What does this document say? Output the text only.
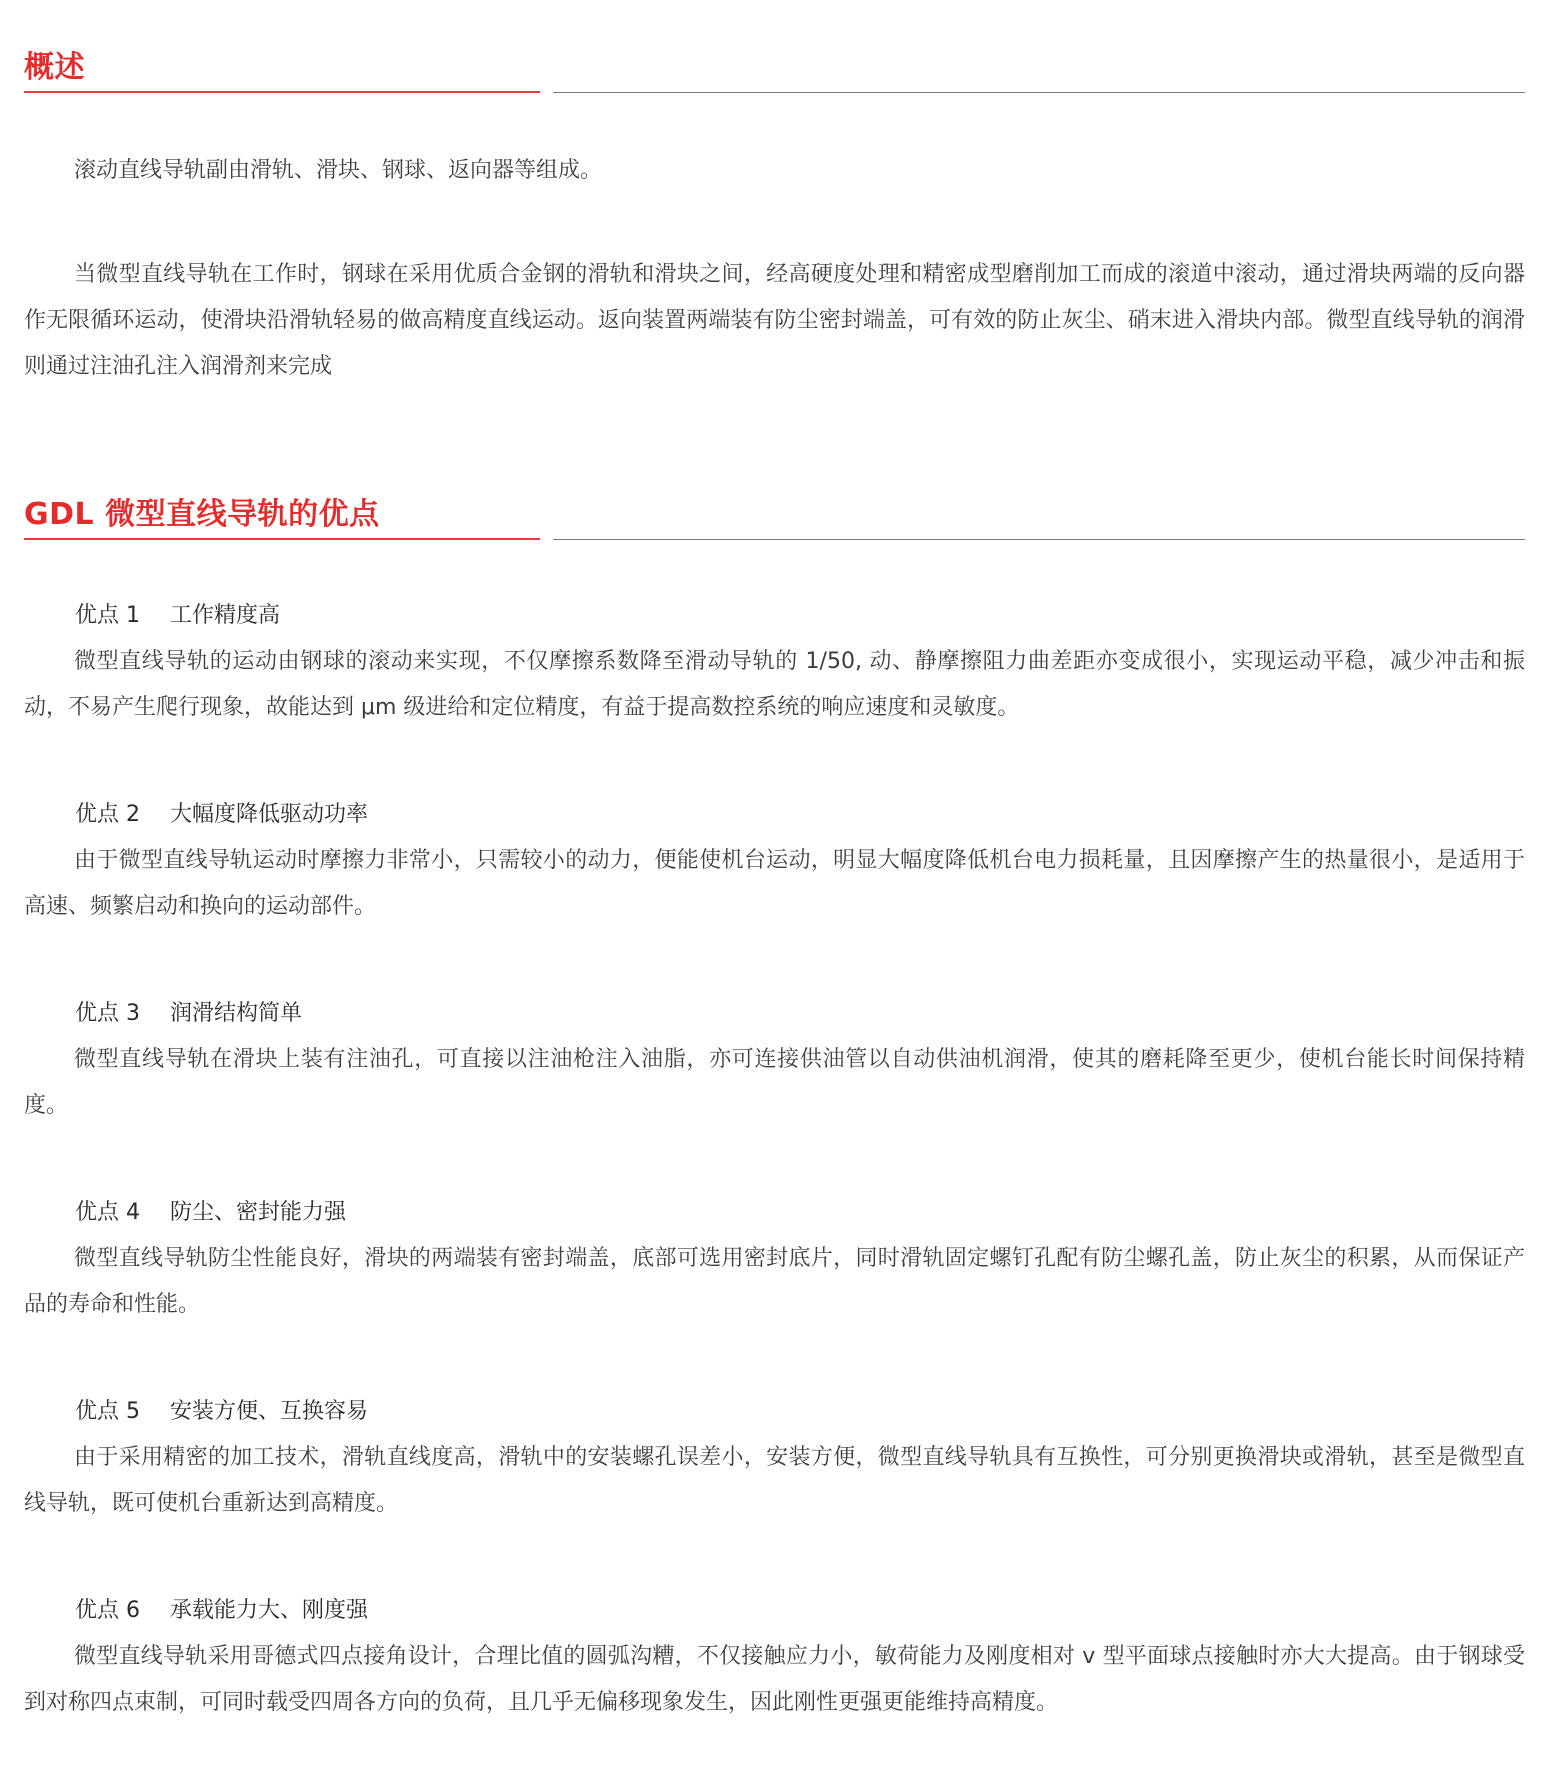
概述

滚动直线导轨副由滑轨、滑块、钢球、返向器等组成。

当微型直线导轨在工作时，钢球在采用优质合金钢的滑轨和滑块之间，经高硬度处理和精密成型磨削加工而成的滚道中滚动，通过滑块两端的反向器作无限循环运动，使滑块沿滑轨轻易的做高精度直线运动。返向装置两端装有防尘密封端盖，可有效的防止灰尘、硝末进入滑块内部。微型直线导轨的润滑则通过注油孔注入润滑剂来完成

GDL 微型直线导轨的优点
优点 1 工作精度高

微型直线导轨的运动由钢球的滚动来实现，不仅摩擦系数降至滑动导轨的 1/50, 动、静摩擦阻力曲差距亦变成很小，实现运动平稳，减少冲击和振动，不易产生爬行现象，故能达到 μm 级进给和定位精度，有益于提高数控系统的响应速度和灵敏度。

优点 2 大幅度降低驱动功率

由于微型直线导轨运动时摩擦力非常小，只需较小的动力，便能使机台运动，明显大幅度降低机台电力损耗量，且因摩擦产生的热量很小，是适用于高速、频繁启动和换向的运动部件。

优点 3 润滑结构简单

微型直线导轨在滑块上装有注油孔，可直接以注油枪注入油脂，亦可连接供油管以自动供油机润滑，使其的磨耗降至更少，使机台能长时间保持精度。

优点 4 防尘、密封能力强

微型直线导轨防尘性能良好，滑块的两端装有密封端盖，底部可选用密封底片，同时滑轨固定螺钉孔配有防尘螺孔盖，防止灰尘的积累，从而保证产品的寿命和性能。

优点 5 安装方便、互换容易

由于采用精密的加工技术，滑轨直线度高，滑轨中的安装螺孔误差小，安装方便，微型直线导轨具有互换性，可分别更换滑块或滑轨，甚至是微型直线导轨，既可使机台重新达到高精度。

优点 6 承载能力大、刚度强

微型直线导轨采用哥德式四点接角设计，合理比值的圆弧沟糟，不仅接触应力小，敏荷能力及刚度相对 v 型平面球点接触时亦大大提高。由于钢球受到对称四点束制，可同时载受四周各方向的负荷，且几乎无偏移现象发生，因此刚性更强更能维持高精度。
